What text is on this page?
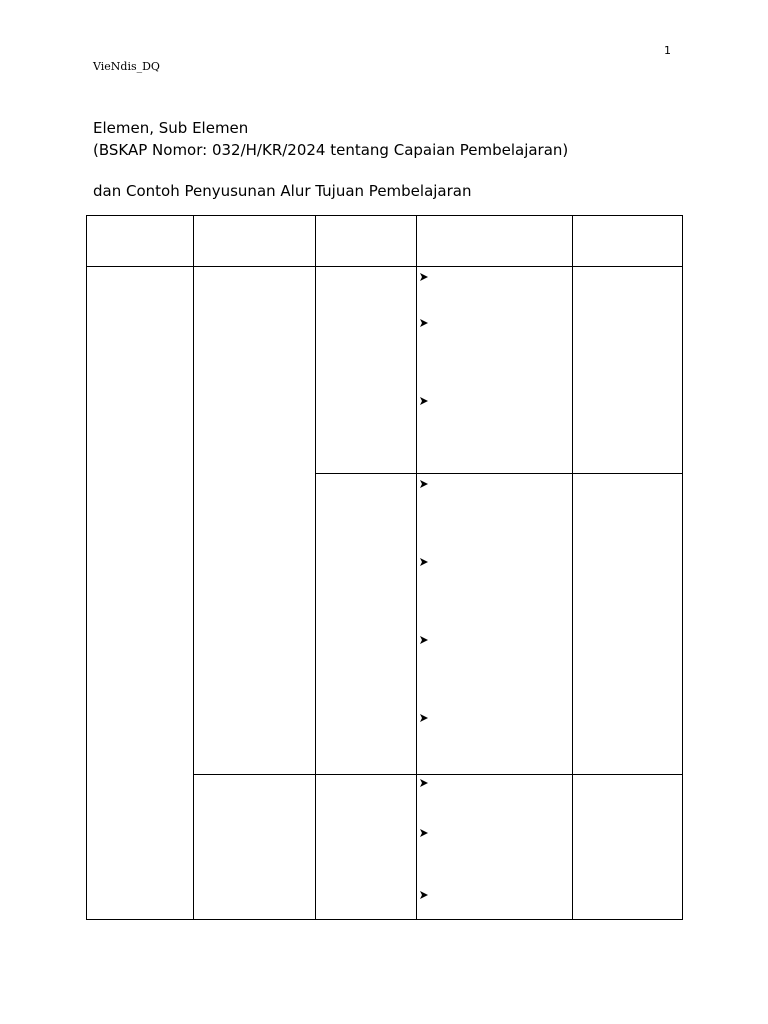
1
VieNdis_DQ
Elemen, Sub Elemen
(BSKAP Nomor: 032/H/KR/2024 tentang Capaian Pembelajaran)
dan Contoh Penyusunan Alur Tujuan Pembelajaran
